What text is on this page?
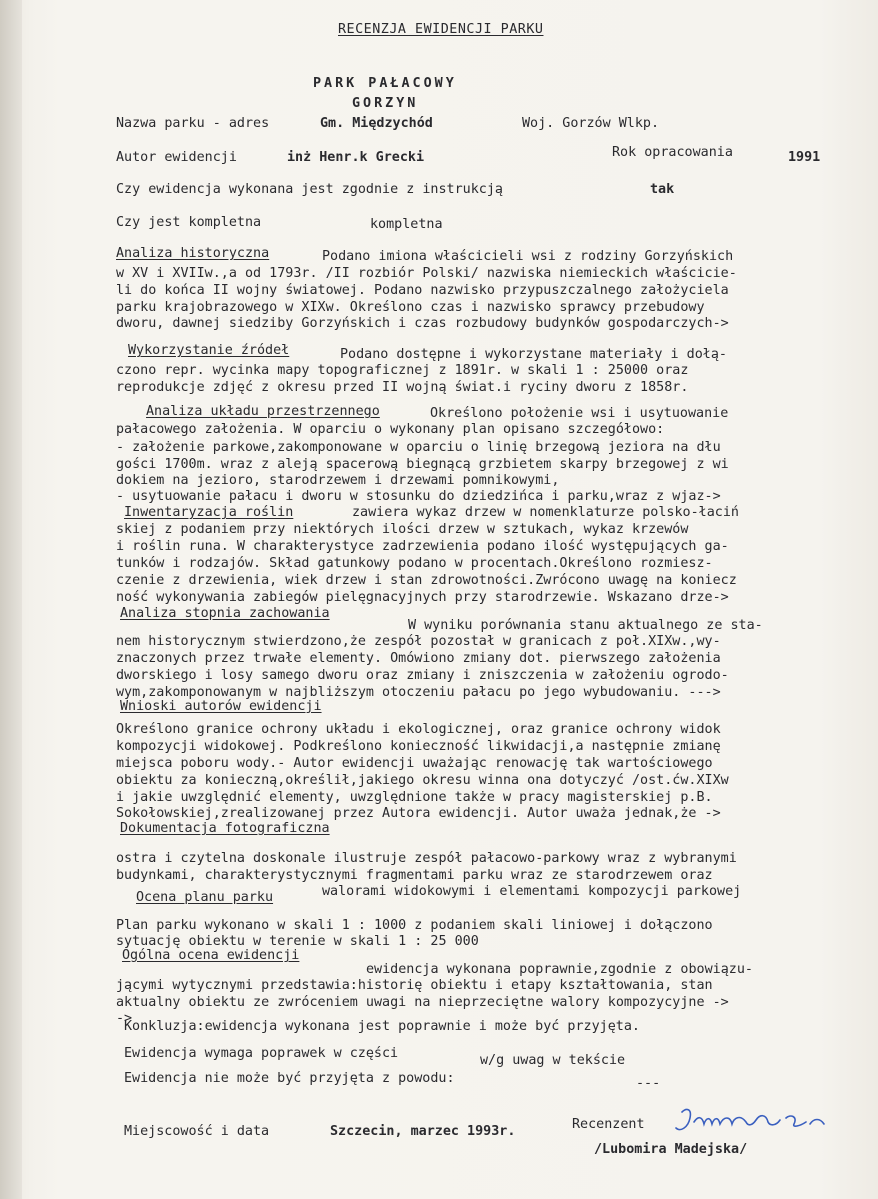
RECENZJA EWIDENCJI PARKU
PARK PAŁACOWY
GORZYN
Nazwa parku - adres	Gm. Międzychód	Woj. Gorzów Wlkp.
Autor ewidencji	inż Henr.k Grecki	Rok opracowania	1991
Czy ewidencja wykonana jest zgodnie z instrukcją	tak
Czy jest kompletna	kompletna
Analiza historyczna	Podano imiona właścicieli wsi z rodziny Gorzyńskich
w XV i XVIIw.,a od 1793r. /II rozbiór Polski/ nazwiska niemieckich właścicie-
li do końca II wojny światowej. Podano nazwisko przypuszczalnego założyciela
parku krajobrazowego w XIXw. Określono czas i nazwisko sprawcy przebudowy
dworu, dawnej siedziby Gorzyńskich i czas rozbudowy budynków gospodarczych->
Wykorzystanie źródeł	Podano dostępne i wykorzystane materiały i dołą-
czono repr. wycinka mapy topograficznej z 1891r. w skali 1 : 25000 oraz
reprodukcje zdjęć z okresu przed II wojną świat.i ryciny dworu z 1858r.
Analiza układu przestrzennego	Określono położenie wsi i usytuowanie
pałacowego założenia. W oparciu o wykonany plan opisano szczegółowo:
- założenie parkowe,zakomponowane w oparciu o linię brzegową jeziora na dłu
gości 1700m. wraz z aleją spacerową biegnącą grzbietem skarpy brzegowej z wi
dokiem na jezioro, starodrzewem i drzewami pomnikowymi,
- usytuowanie pałacu i dworu w stosunku do dziedzińca i parku,wraz z wjaz->
Inwentaryzacja roślin	zawiera wykaz drzew w nomenklaturze polsko-łaciń
skiej z podaniem przy niektórych ilości drzew w sztukach, wykaz krzewów
i roślin runa. W charakterystyce zadrzewienia podano ilość występujących ga-
tunków i rodzajów. Skład gatunkowy podano w procentach.Określono rozmiesz-
czenie z drzewienia, wiek drzew i stan zdrowotności.Zwrócono uwagę na koniecz
ność wykonywania zabiegów pielęgnacyjnych przy starodrzewie. Wskazano drze->
Analiza stopnia zachowania
W wyniku porównania stanu aktualnego ze sta-
nem historycznym stwierdzono,że zespół pozostał w granicach z poł.XIXw.,wy-
znaczonych przez trwałe elementy. Omówiono zmiany dot. pierwszego założenia
dworskiego i losy samego dworu oraz zmiany i zniszczenia w założeniu ogrodo-
wym,zakomponowanym w najbliższym otoczeniu pałacu po jego wybudowaniu. --->
Wnioski autorów ewidencji
Określono granice ochrony układu i ekologicznej, oraz granice ochrony widok
kompozycji widokowej. Podkreślono konieczność likwidacji,a następnie zmianę
miejsca poboru wody.- Autor ewidencji uważając renowację tak wartościowego
obiektu za konieczną,określił,jakiego okresu winna ona dotyczyć /ost.ćw.XIXw
i jakie uwzględnić elementy, uwzględnione także w pracy magisterskiej p.B.
Sokołowskiej,zrealizowanej przez Autora ewidencji. Autor uważa jednak,że ->
Dokumentacja fotograficzna
ostra i czytelna doskonale ilustruje zespół pałacowo-parkowy wraz z wybranymi
budynkami, charakterystycznymi fragmentami parku wraz ze starodrzewem oraz
walorami widokowymi i elementami kompozycji parkowej
Ocena planu parku
Plan parku wykonano w skali 1 : 1000 z podaniem skali liniowej i dołączono
sytuację obiektu w terenie w skali 1 : 25 000
Ogólna ocena ewidencji
ewidencja wykonana poprawnie,zgodnie z obowiązu-
jącymi wytycznymi przedstawia:historię obiektu i etapy kształtowania, stan
aktualny obiektu ze zwróceniem uwagi na nieprzeciętne walory kompozycyjne ->
->
Konkluzja:ewidencja wykonana jest poprawnie i może być przyjęta.
Ewidencja wymaga poprawek w części	w/g uwag w tekście
Ewidencja nie może być przyjęta z powodu:	---
Miejscowość i data	Szczecin, marzec 1993r.	Recenzent
/Lubomira Madejska/
